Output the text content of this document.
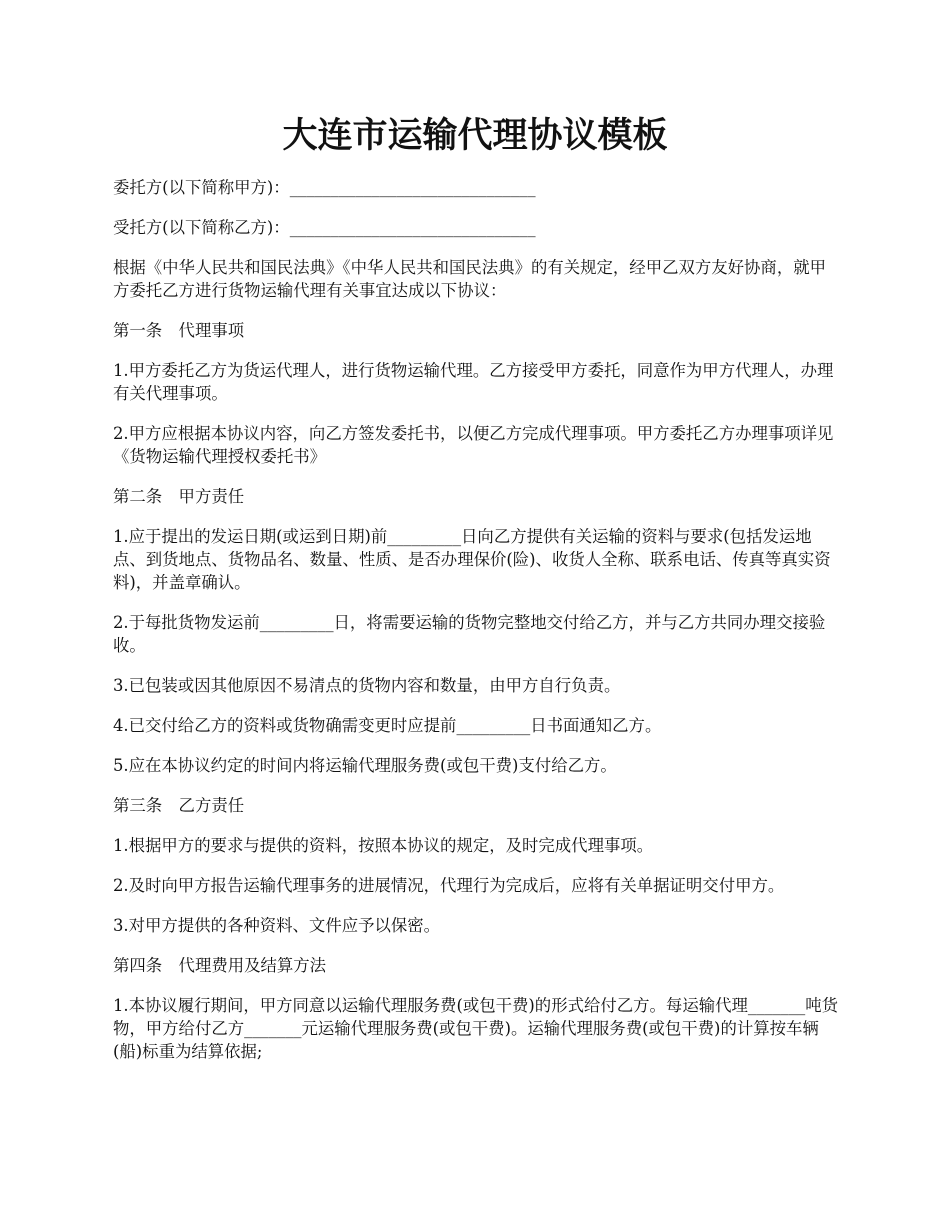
大连市运输代理协议模板

委托方(以下简称甲方)：______________________________

受托方(以下简称乙方)：______________________________

根据《中华人民共和国民法典》《中华人民共和国民法典》的有关规定，经甲乙双方友好协商，就甲方委托乙方进行货物运输代理有关事宜达成以下协议：

第一条　代理事项

1.甲方委托乙方为货运代理人，进行货物运输代理。乙方接受甲方委托，同意作为甲方代理人，办理有关代理事项。

2.甲方应根据本协议内容，向乙方签发委托书，以便乙方完成代理事项。甲方委托乙方办理事项详见《货物运输代理授权委托书》

第二条　甲方责任

1.应于提出的发运日期(或运到日期)前_________日向乙方提供有关运输的资料与要求(包括发运地点、到货地点、货物品名、数量、性质、是否办理保价(险)、收货人全称、联系电话、传真等真实资料)，并盖章确认。

2.于每批货物发运前_________日，将需要运输的货物完整地交付给乙方，并与乙方共同办理交接验收。

3.已包装或因其他原因不易清点的货物内容和数量，由甲方自行负责。

4.已交付给乙方的资料或货物确需变更时应提前_________日书面通知乙方。

5.应在本协议约定的时间内将运输代理服务费(或包干费)支付给乙方。

第三条　乙方责任

1.根据甲方的要求与提供的资料，按照本协议的规定，及时完成代理事项。

2.及时向甲方报告运输代理事务的进展情况，代理行为完成后，应将有关单据证明交付甲方。

3.对甲方提供的各种资料、文件应予以保密。

第四条　代理费用及结算方法

1.本协议履行期间，甲方同意以运输代理服务费(或包干费)的形式给付乙方。每运输代理_______吨货物，甲方给付乙方_______元运输代理服务费(或包干费)。运输代理服务费(或包干费)的计算按车辆(船)标重为结算依据;
